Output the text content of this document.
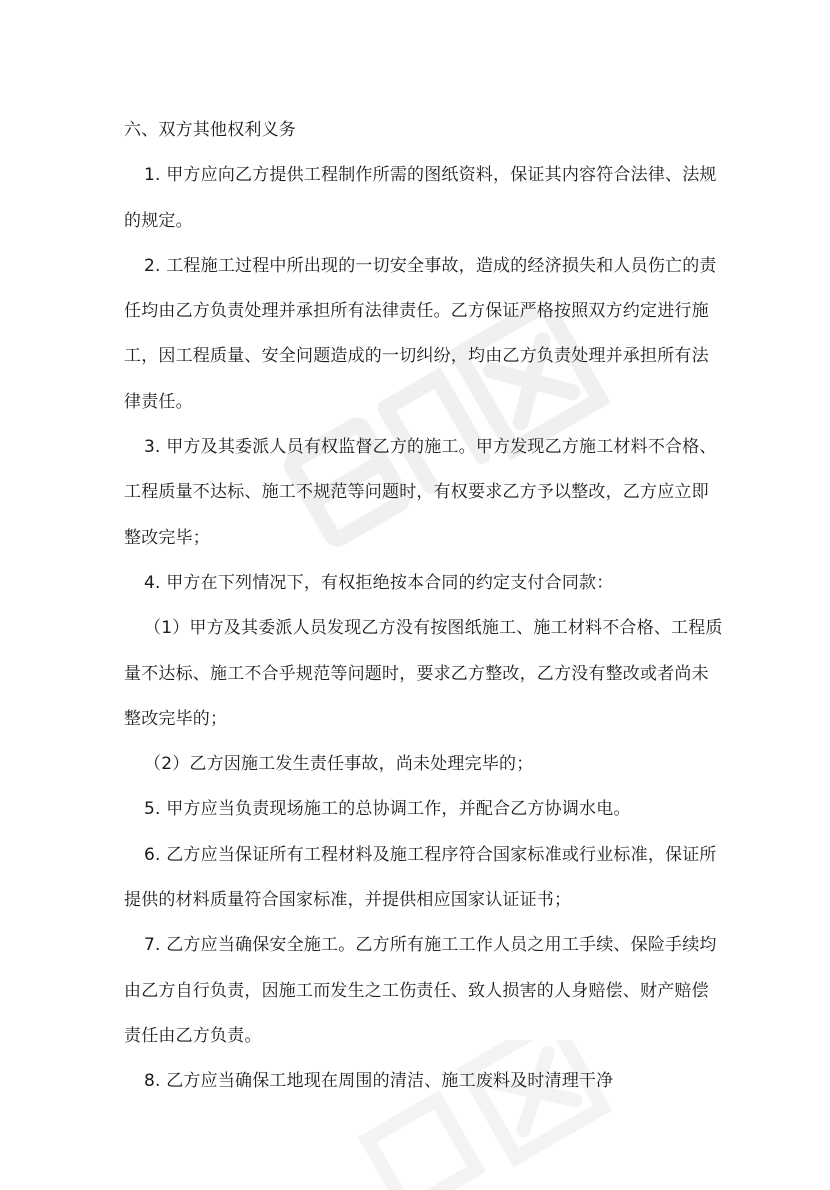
六、双方其他权利义务
1. 甲方应向乙方提供工程制作所需的图纸资料，保证其内容符合法律、法规
的规定。
2. 工程施工过程中所出现的一切安全事故，造成的经济损失和人员伤亡的责
任均由乙方负责处理并承担所有法律责任。乙方保证严格按照双方约定进行施
工，因工程质量、安全问题造成的一切纠纷，均由乙方负责处理并承担所有法
律责任。
3. 甲方及其委派人员有权监督乙方的施工。甲方发现乙方施工材料不合格、
工程质量不达标、施工不规范等问题时，有权要求乙方予以整改，乙方应立即
整改完毕；
4. 甲方在下列情况下，有权拒绝按本合同的约定支付合同款：
（1）甲方及其委派人员发现乙方没有按图纸施工、施工材料不合格、工程质
量不达标、施工不合乎规范等问题时，要求乙方整改，乙方没有整改或者尚未
整改完毕的；
（2）乙方因施工发生责任事故，尚未处理完毕的；
5. 甲方应当负责现场施工的总协调工作，并配合乙方协调水电。
6. 乙方应当保证所有工程材料及施工程序符合国家标准或行业标准，保证所
提供的材料质量符合国家标准，并提供相应国家认证证书；
7. 乙方应当确保安全施工。乙方所有施工工作人员之用工手续、保险手续均
由乙方自行负责，因施工而发生之工伤责任、致人损害的人身赔偿、财产赔偿
责任由乙方负责。
8. 乙方应当确保工地现在周围的清洁、施工废料及时清理干净
